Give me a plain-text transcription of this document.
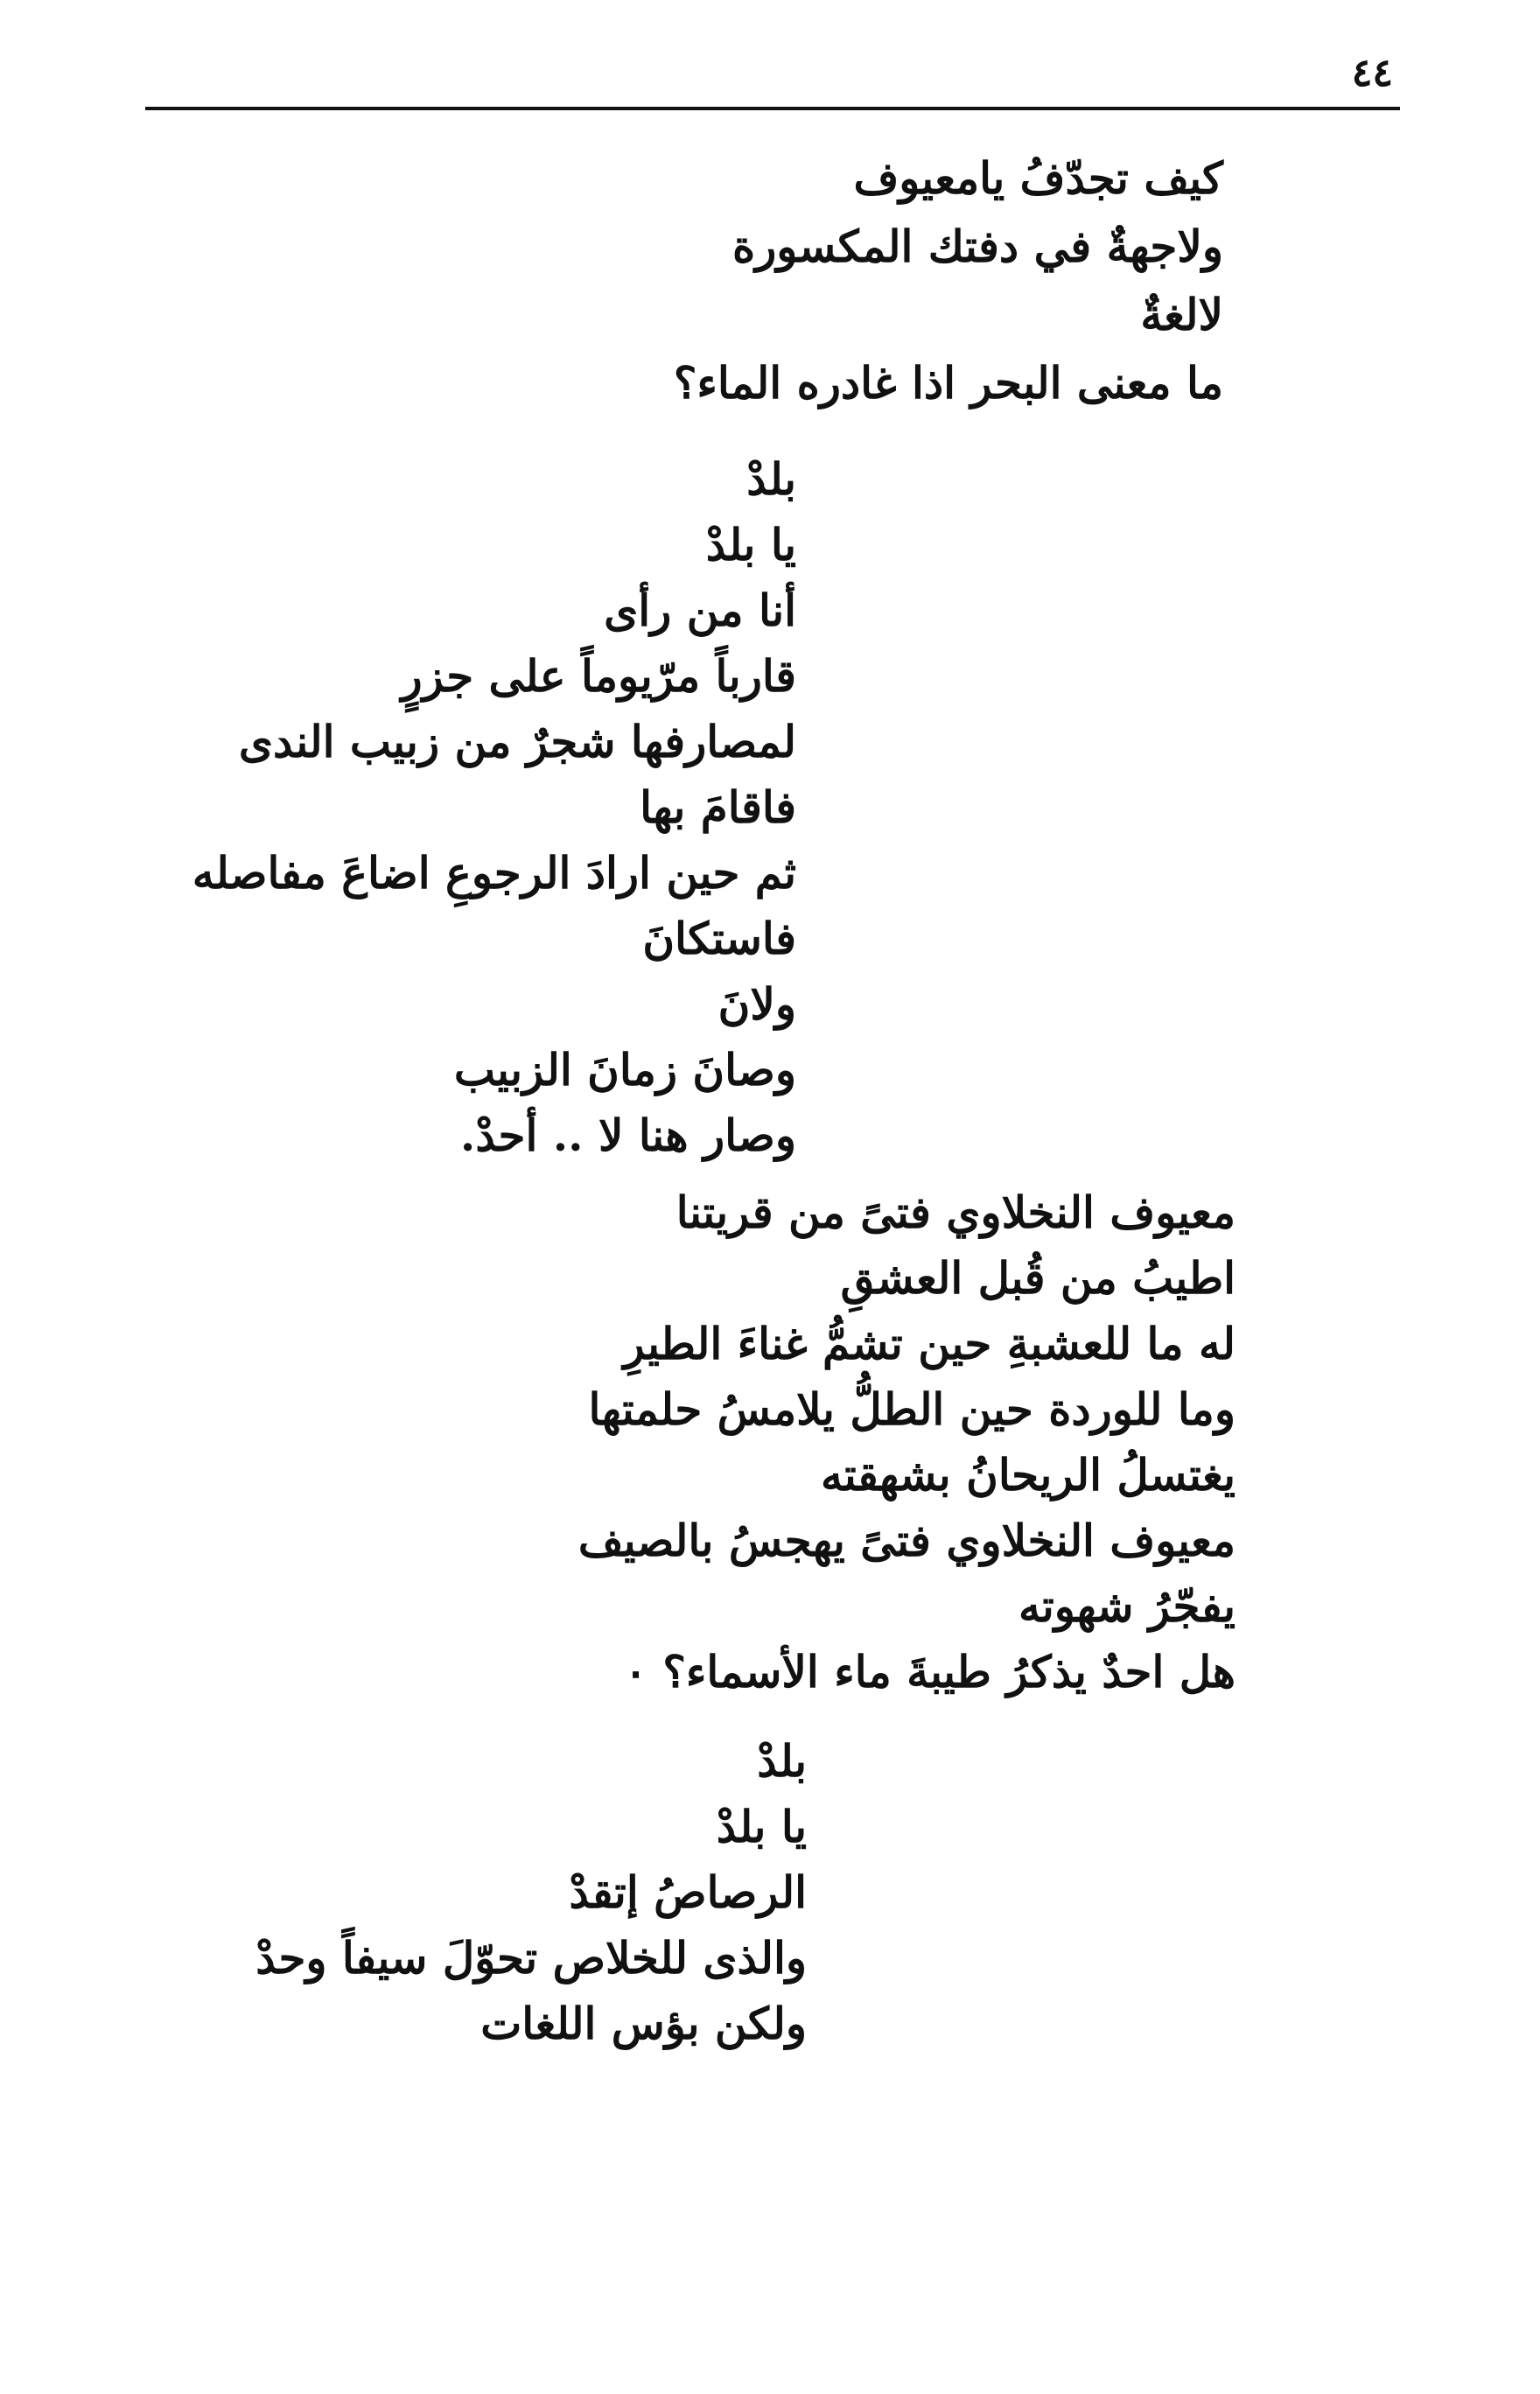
٤٤
كيف تجدّفُ يامعيوف
ولاجهةٌ في دفتك المكسورة
لالغةٌ
ما معنى البحر اذا غادره الماء؟
بلدْ
يا بلدْ
أنا من رأى
قارباً مرّيوماً على جزرٍ
لمصارفها شجرٌ من زبيب الندى
فاقامَ بها
ثم حين ارادَ الرجوعِ اضاعَ مفاصله
فاستكانَ
ولانَ
وصانَ زمانَ الزبيب
وصار هنا لا .. أحدْ.
معيوف النخلاوي فتىً من قريتنا
اطيبُ من قُبل العشقِ
له ما للعشبةِ حين تشمُّ غناءَ الطيرِ
وما للوردة حين الطلُّ يلامسُ حلمتها
يغتسلُ الريحانُ بشهقته
معيوف النخلاوي فتىً يهجسُ بالصيف
يفجّرُ شهوته
هل احدٌ يذكرُ طيبةَ ماء الأسماء؟ ٠
بلدْ
يا بلدْ
الرصاصُ إتقدْ
والذى للخلاص تحوّلَ سيفاً وحدْ
ولكن بؤس اللغات
